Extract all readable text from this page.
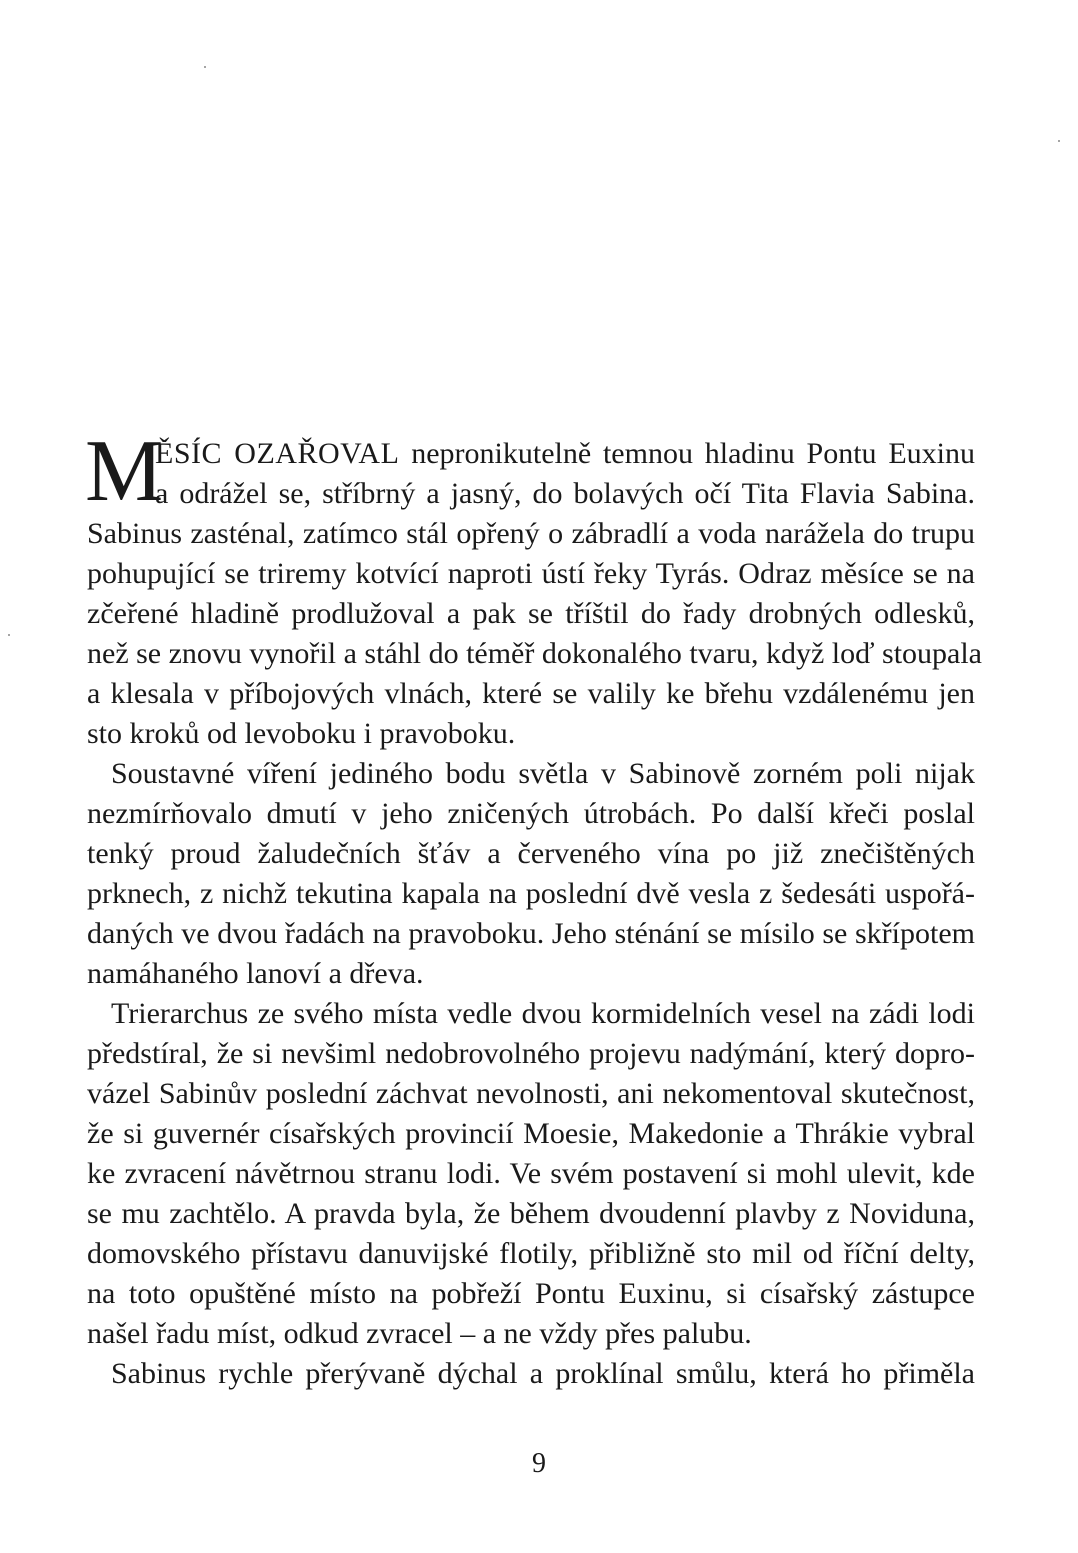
M
ĚSÍC OZAŘOVAL nepronikutelně temnou hladinu Pontu Euxinu
a odrážel se, stříbrný a jasný, do bolavých očí Tita Flavia Sabina.
Sabinus zasténal, zatímco stál opřený o zábradlí a voda narážela do trupu
pohupující se triremy kotvící naproti ústí řeky Tyrás. Odraz měsíce se na
zčeřené hladině prodlužoval a pak se tříštil do řady drobných odlesků,
než se znovu vynořil a stáhl do téměř dokonalého tvaru, když loď stoupala
a klesala v příbojových vlnách, které se valily ke břehu vzdálenému jen
sto kroků od levoboku i pravoboku.
Soustavné víření jediného bodu světla v Sabinově zorném poli nijak
nezmírňovalo dmutí v jeho zničených útrobách. Po další křeči poslal
tenký proud žaludečních šťáv a červeného vína po již znečištěných
prknech, z nichž tekutina kapala na poslední dvě vesla z šedesáti uspořá-
daných ve dvou řadách na pravoboku. Jeho sténání se mísilo se skřípotem
namáhaného lanoví a dřeva.
Trierarchus ze svého místa vedle dvou kormidelních vesel na zádi lodi
předstíral, že si nevšiml nedobrovolného projevu nadýmání, který dopro-
vázel Sabinův poslední záchvat nevolnosti, ani nekomentoval skutečnost,
že si guvernér císařských provincií Moesie, Makedonie a Thrákie vybral
ke zvracení návětrnou stranu lodi. Ve svém postavení si mohl ulevit, kde
se mu zachtělo. A pravda byla, že během dvoudenní plavby z Noviduna,
domovského přístavu danuvijské flotily, přibližně sto mil od říční delty,
na toto opuštěné místo na pobřeží Pontu Euxinu, si císařský zástupce
našel řadu míst, odkud zvracel – a ne vždy přes palubu.
Sabinus rychle přerývaně dýchal a proklínal smůlu, která ho přiměla
9
